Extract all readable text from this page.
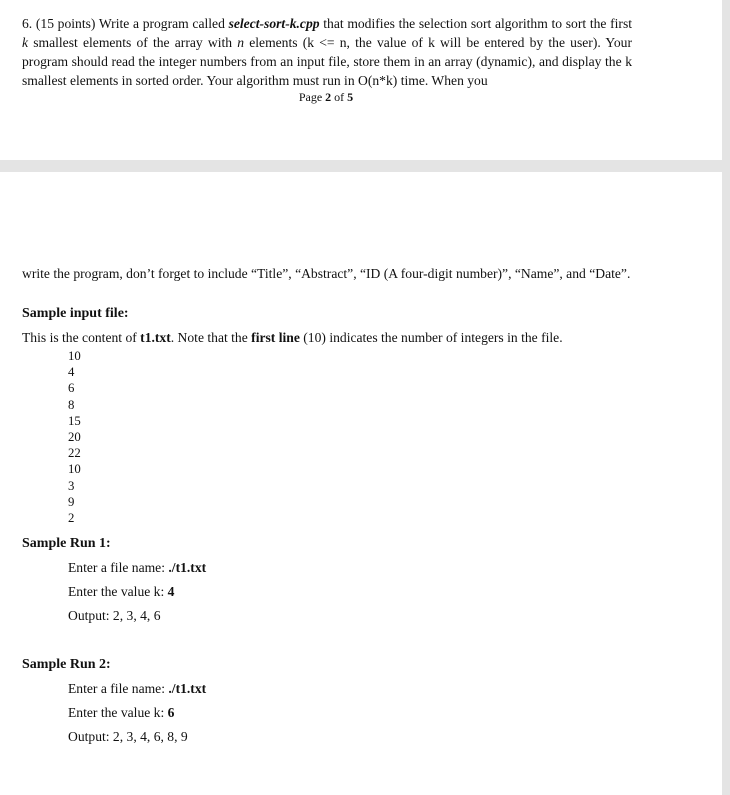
6. (15 points) Write a program called select-sort-k.cpp that modifies the selection sort algorithm to sort the first k smallest elements of the array with n elements (k <= n, the value of k will be entered by the user). Your program should read the integer numbers from an input file, store them in an array (dynamic), and display the k smallest elements in sorted order. Your algorithm must run in O(n*k) time. When you
Page 2 of 5
write the program, don’t forget to include “Title”, “Abstract”, “ID (A four-digit number)”, “Name”, and “Date”.
Sample input file:
This is the content of t1.txt. Note that the first line (10) indicates the number of integers in the file.
10
4
6
8
15
20
22
10
3
9
2
Sample Run 1:
Enter a file name: ./t1.txt
Enter the value k: 4
Output: 2, 3, 4, 6
Sample Run 2:
Enter a file name: ./t1.txt
Enter the value k: 6
Output: 2, 3, 4, 6, 8, 9
